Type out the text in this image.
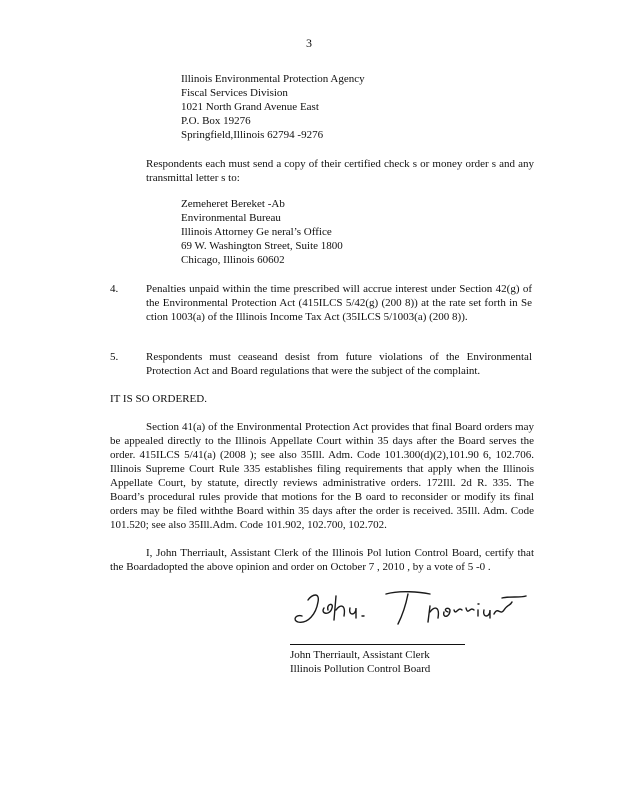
3
Illinois Environmental Protection Agency
Fiscal Services Division
1021 North Grand Avenue East
P.O. Box 19276
Springfield,Illinois 62794 -9276
Respondents each must send a copy of their certified check s or money order s and any transmittal letter s to:
Zemeheret Bereket -Ab
Environmental Bureau
Illinois Attorney Ge neral’s Office
69 W. Washington Street, Suite 1800
Chicago, Illinois 60602
4.	Penalties unpaid within the time prescribed will accrue interest under Section 42(g) of the Environmental Protection Act (415ILCS 5/42(g) (200 8)) at the rate set forth in Se ction 1003(a) of the Illinois Income Tax Act (35ILCS 5/1003(a) (200 8)).
5.	Respondents must ceaseand desist from future violations of the Environmental Protection Act and Board regulations that were the subject of the complaint.
IT IS SO ORDERED.
Section 41(a) of the Environmental Protection Act provides that final Board orders may be appealed directly to the Illinois Appellate Court within 35 days after the Board serves the order. 415ILCS 5/41(a) (2008 ); see also 35Ill. Adm. Code 101.300(d)(2),101.90 6, 102.706. Illinois Supreme Court Rule 335 establishes filing requirements that apply when the Illinois Appellate Court, by statute, directly reviews administrative orders. 172Ill. 2d R. 335. The Board’s procedural rules provide that motions for the B oard to reconsider or modify its final orders may be filed withthe Board within 35 days after the order is received. 35Ill. Adm. Code 101.520; see also 35Ill.Adm. Code 101.902, 102.700, 102.702.
I, John Therriault, Assistant Clerk of the Illinois Pol lution Control Board, certify that the Boardadopted the above opinion and order on October 7 , 2010 , by a vote of 5 -0 .
John Therriault, Assistant Clerk
Illinois Pollution Control Board
